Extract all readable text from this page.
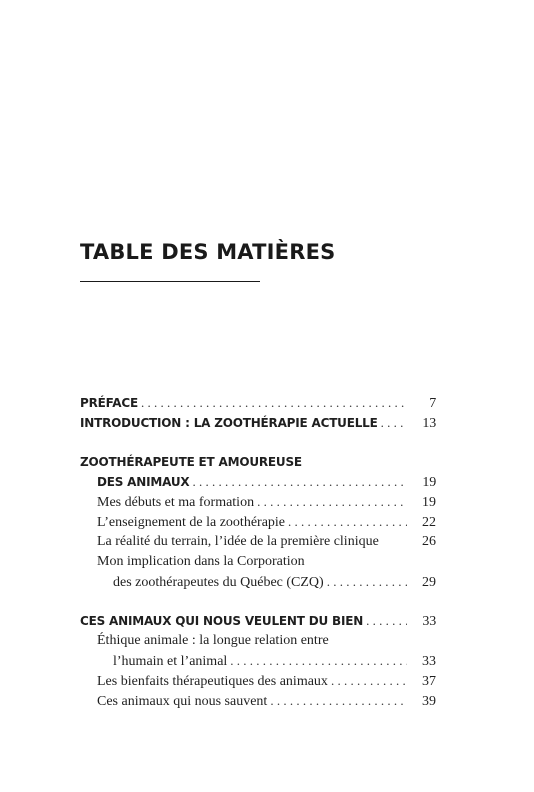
TABLE DES MATIÈRES
PRÉFACE . . .	7
INTRODUCTION : LA ZOOTHÉRAPIE ACTUELLE . . .	13
ZOOTHÉRAPEUTE ET AMOUREUSE
DES ANIMAUX . . .	19
Mes débuts et ma formation . . .	19
L’enseignement de la zoothérapie . . .	22
La réalité du terrain, l’idée de la première clinique	26
Mon implication dans la Corporation
des zoothérapeutes du Québec (CZQ) . . .	29
CES ANIMAUX QUI NOUS VEULENT DU BIEN . . .	33
Éthique animale : la longue relation entre
l’humain et l’animal . . .	33
Les bienfaits thérapeutiques des animaux . . .	37
Ces animaux qui nous sauvent . . .	39
